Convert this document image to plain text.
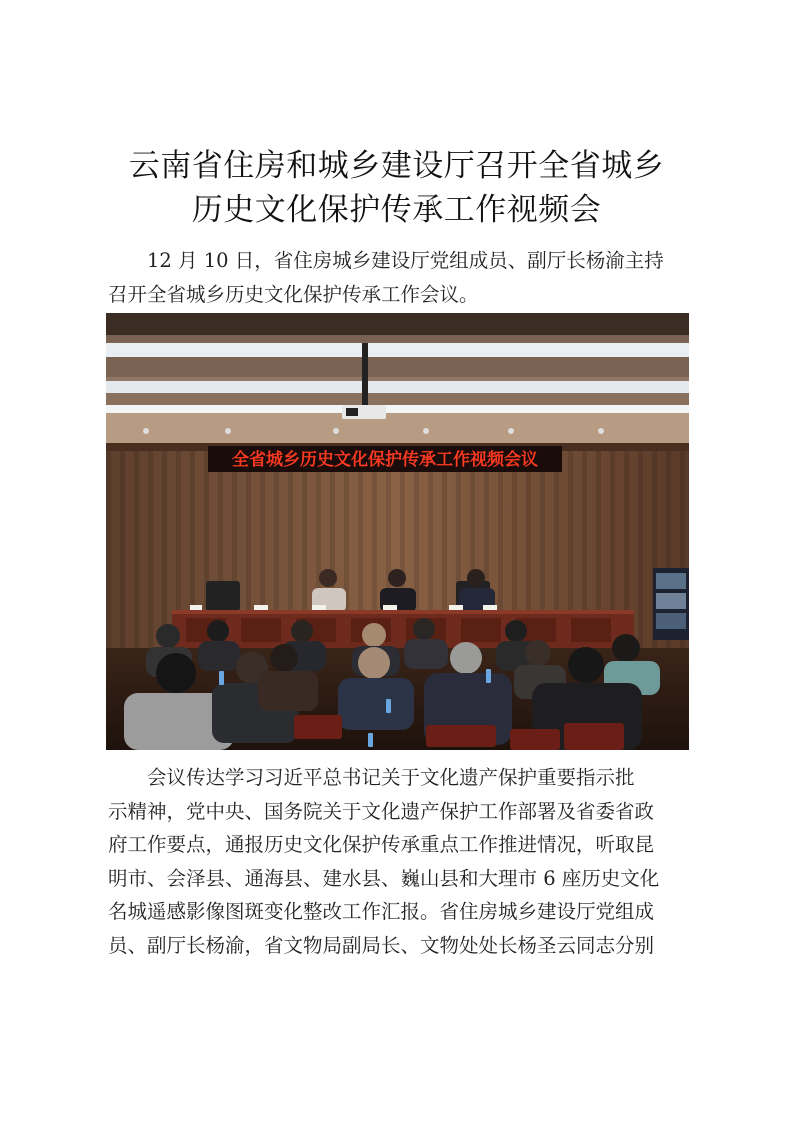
云南省住房和城乡建设厅召开全省城乡
历史文化保护传承工作视频会
12 月 10 日，省住房城乡建设厅党组成员、副厅长杨渝主持
召开全省城乡历史文化保护传承工作会议。
全省城乡历史文化保护传承工作视频会议
会议传达学习习近平总书记关于文化遗产保护重要指示批
示精神，党中央、国务院关于文化遗产保护工作部署及省委省政
府工作要点，通报历史文化保护传承重点工作推进情况，听取昆
明市、会泽县、通海县、建水县、巍山县和大理市 6 座历史文化
名城遥感影像图斑变化整改工作汇报。省住房城乡建设厅党组成
员、副厅长杨渝，省文物局副局长、文物处处长杨圣云同志分别
